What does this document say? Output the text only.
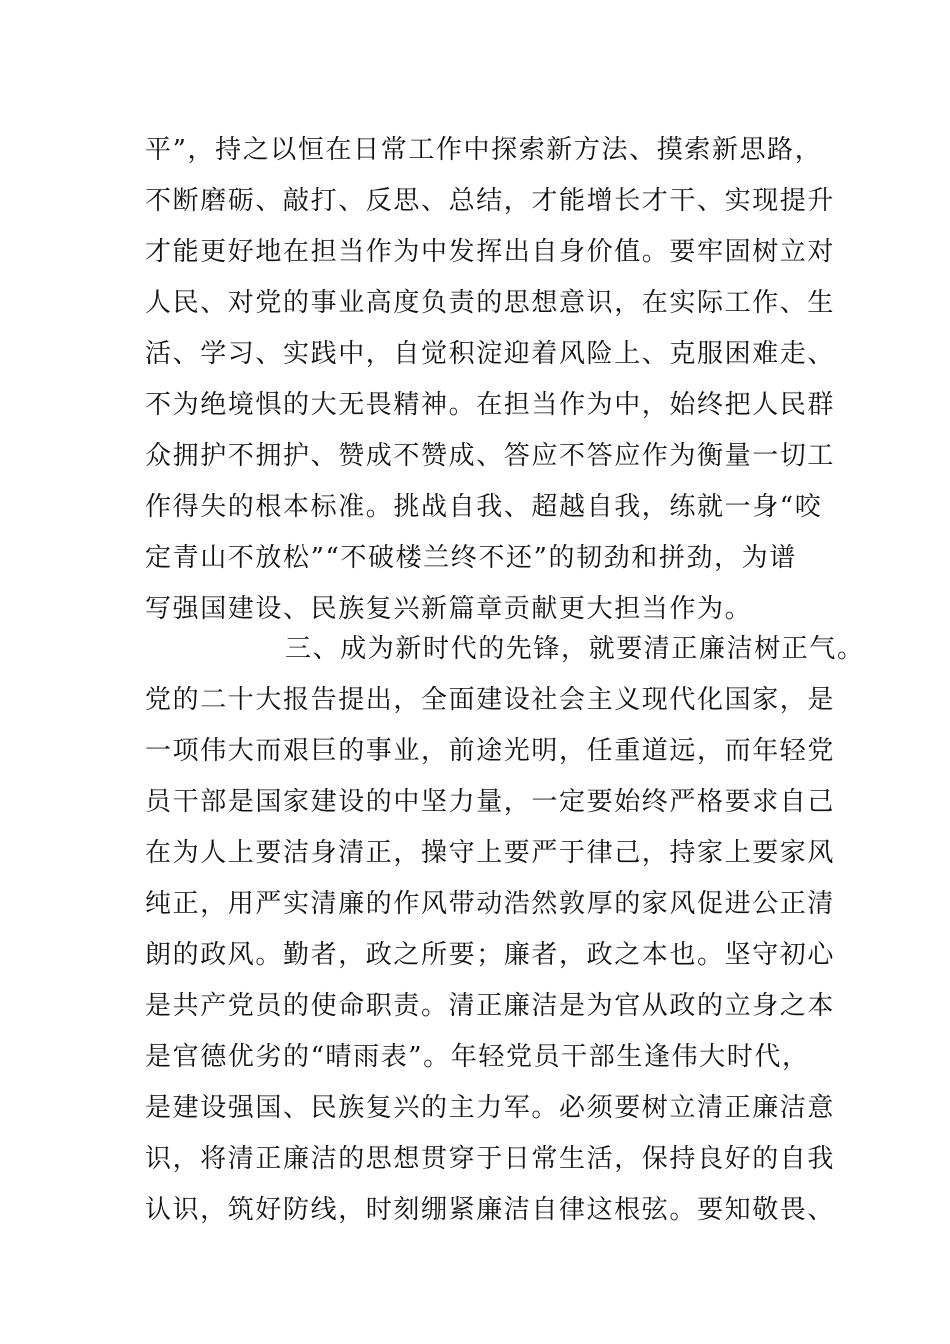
平”，持之以恒在日常工作中探索新方法、摸索新思路，
不断磨砺、敲打、反思、总结，才能增长才干、实现提升
才能更好地在担当作为中发挥出自身价值。要牢固树立对
人民、对党的事业高度负责的思想意识，在实际工作、生
活、学习、实践中，自觉积淀迎着风险上、克服困难走、
不为绝境惧的大无畏精神。在担当作为中，始终把人民群
众拥护不拥护、赞成不赞成、答应不答应作为衡量一切工
作得失的根本标准。挑战自我、超越自我，练就一身“咬
定青山不放松”“不破楼兰终不还”的韧劲和拼劲，为谱
写强国建设、民族复兴新篇章贡献更大担当作为。
三、成为新时代的先锋，就要清正廉洁树正气。
党的二十大报告提出，全面建设社会主义现代化国家，是
一项伟大而艰巨的事业，前途光明，任重道远，而年轻党
员干部是国家建设的中坚力量，一定要始终严格要求自己
在为人上要洁身清正，操守上要严于律己，持家上要家风
纯正，用严实清廉的作风带动浩然敦厚的家风促进公正清
朗的政风。勤者，政之所要；廉者，政之本也。坚守初心
是共产党员的使命职责。清正廉洁是为官从政的立身之本
是官德优劣的“晴雨表”。年轻党员干部生逢伟大时代，
是建设强国、民族复兴的主力军。必须要树立清正廉洁意
识，将清正廉洁的思想贯穿于日常生活，保持良好的自我
认识，筑好防线，时刻绷紧廉洁自律这根弦。要知敬畏、
